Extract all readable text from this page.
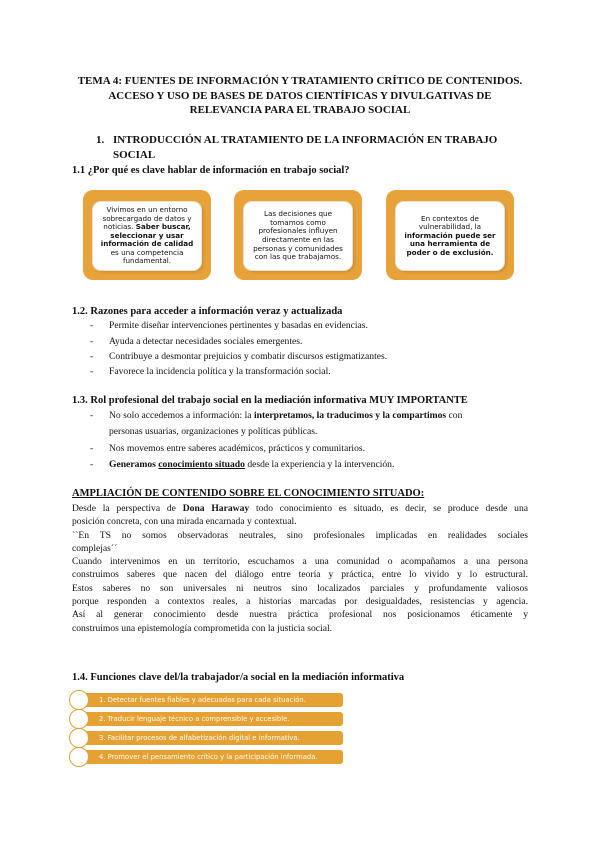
TEMA 4: FUENTES DE INFORMACIÓN Y TRATAMIENTO CRÍTICO DE CONTENIDOS.
ACCESO Y USO DE BASES DE DATOS CIENTÍFICAS Y DIVULGATIVAS DE
RELEVANCIA PARA EL TRABAJO SOCIAL
1. INTRODUCCIÓN AL TRATAMIENTO DE LA INFORMACIÓN EN TRABAJO
SOCIAL
1.1 ¿Por qué es clave hablar de información en trabajo social?
Vivimos en un entorno sobrecargado de datos y noticias. Saber buscar, seleccionar y usar información de calidad es una competencia fundamental.
Las decisiones que tomamos como profesionales influyen directamente en las personas y comunidades con las que trabajamos.
En contextos de vulnerabilidad, la información puede ser una herramienta de poder o de exclusión.
1.2. Razones para acceder a información veraz y actualizada
- Permite diseñar intervenciones pertinentes y basadas en evidencias.
- Ayuda a detectar necesidades sociales emergentes.
- Contribuye a desmontar prejuicios y combatir discursos estigmatizantes.
- Favorece la incidencia política y la transformación social.
1.3. Rol profesional del trabajo social en la mediación informativa MUY IMPORTANTE
- No solo accedemos a información: la interpretamos, la traducimos y la compartimos con
personas usuarias, organizaciones y políticas públicas.
- Nos movemos entre saberes académicos, prácticos y comunitarios.
- Generamos conocimiento situado desde la experiencia y la intervención.
AMPLIACIÓN DE CONTENIDO SOBRE EL CONOCIMIENTO SITUADO:
Desde la perspectiva de Dona Haraway todo conocimiento es situado, es decir, se produce desde una
posición concreta, con una mirada encarnada y contextual.
``En TS no somos observadoras neutrales, sino profesionales implicadas en realidades sociales
complejas´´
Cuando intervenimos en un territorio, escuchamos a una comunidad o acompañamos a una persona
construimos saberes que nacen del diálogo entre teoría y práctica, entre lo vivido y lo estructural.
Estos saberes no son universales ni neutros sino localizados parciales y profundamente valiosos
porque responden a contextos reales, a historias marcadas por desigualdades, resistencias y agencia.
Así al generar conocimiento desde nuestra práctica profesional nos posicionamos éticamente y
construimos una epistemología comprometida con la justicia social.
1.4. Funciones clave del/la trabajador/a social en la mediación informativa
1. Detectar fuentes fiables y adecuadas para cada situación.
2. Traducir lenguaje técnico a comprensible y accesible.
3. Facilitar procesos de alfabetización digital e informativa.
4. Promover el pensamiento crítico y la participación informada.
